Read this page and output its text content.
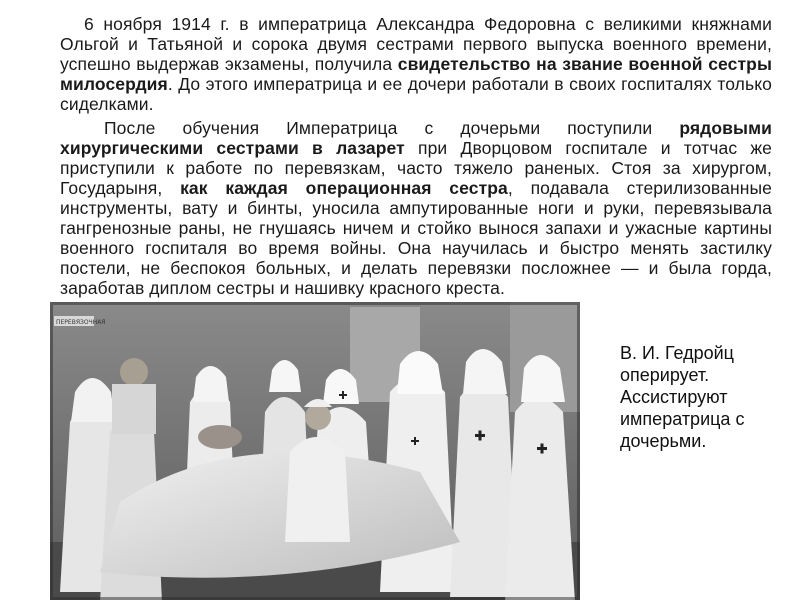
6 ноября 1914 г. в императрица Александра Федоровна с великими княжнами Ольгой и Татьяной и сорока двумя сестрами первого выпуска военного времени, успешно выдержав экзамены, получила свидетельство на звание военной сестры милосердия. До этого императрица и ее дочери работали в своих госпиталях только сиделками.

После обучения Императрица с дочерьми поступили рядовыми хирургическими сестрами в лазарет при Дворцовом госпитале и тотчас же приступили к работе по перевязкам, часто тяжело раненых. Стоя за хирургом, Государыня, как каждая операционная сестра, подавала стерилизованные инструменты, вату и бинты, уносила ампутированные ноги и руки, перевязывала гангренозные раны, не гнушаясь ничем и стойко вынося запахи и ужасные картины военного госпиталя во время войны. Она научилась и быстро менять застилку постели, не беспокоя больных, и делать перевязки посложнее — и была горда, заработав диплом сестры и нашивку красного креста.

ПЕРЕВЯЗОЧНАЯ
В. И. Гедройц
оперирует.
Ассистируют
императрица с
дочерьми.
